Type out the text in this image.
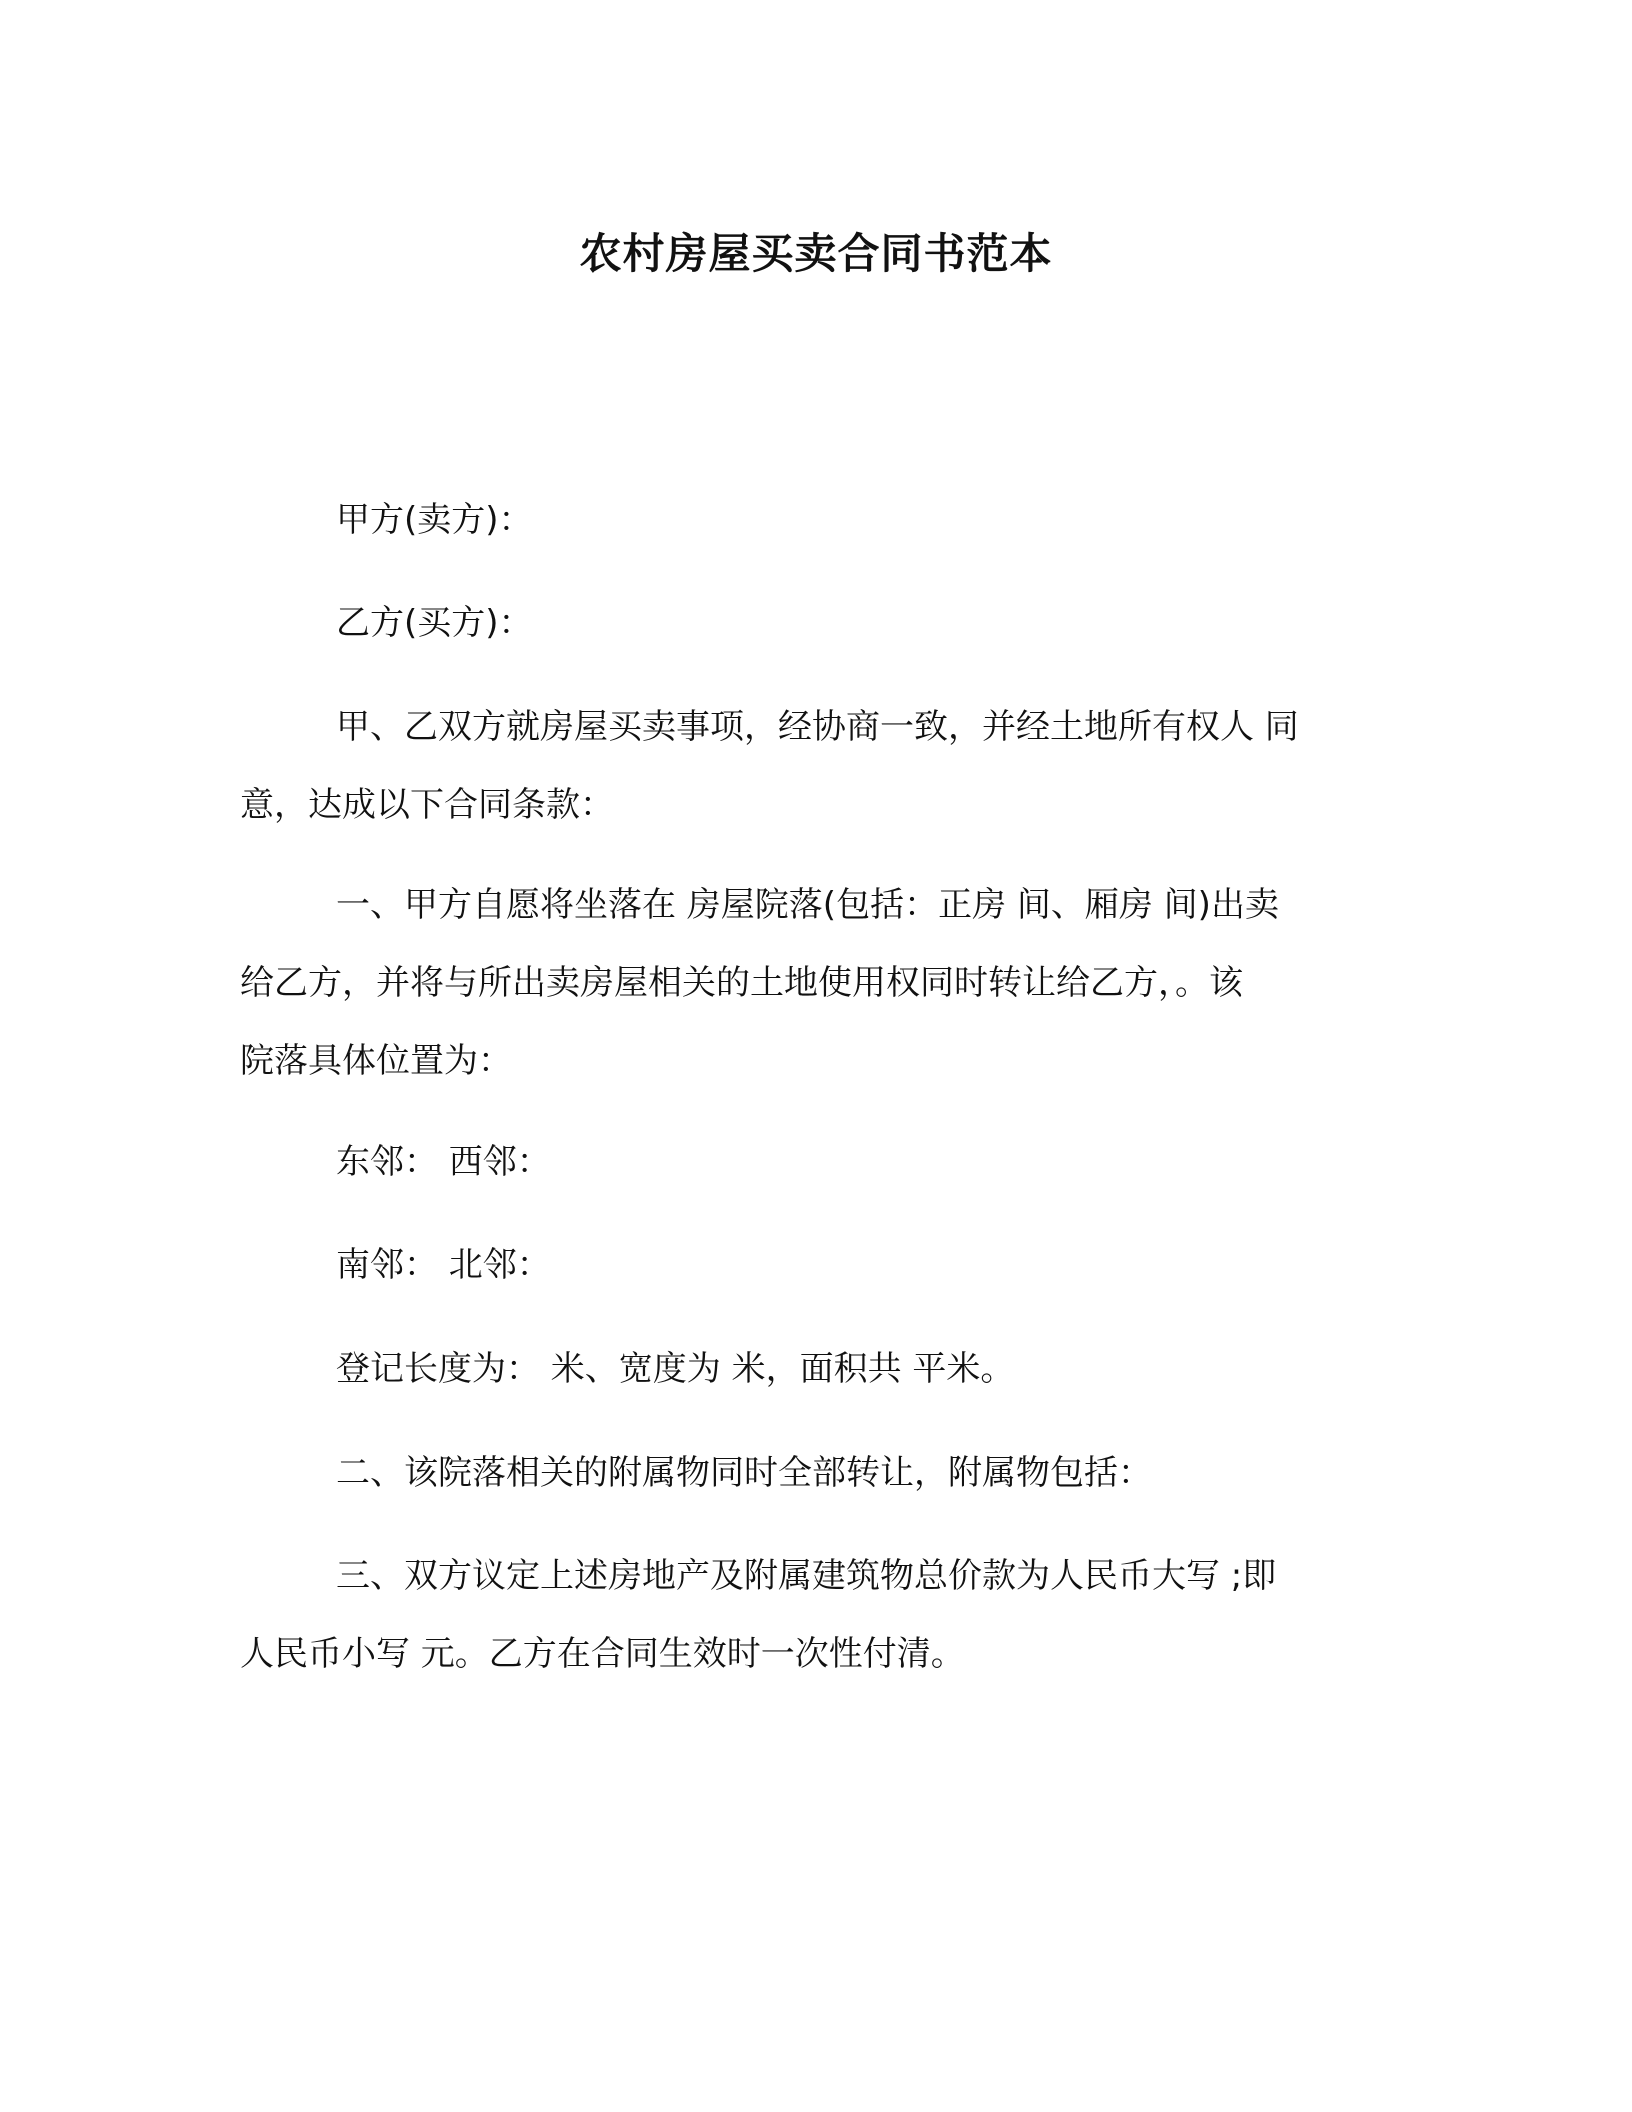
农村房屋买卖合同书范本
甲方(卖方)：
乙方(买方)：
甲、乙双方就房屋买卖事项，经协商一致，并经土地所有权人 同
意，达成以下合同条款：
一、甲方自愿将坐落在 房屋院落(包括：正房 间、厢房 间)出卖
给乙方，并将与所出卖房屋相关的土地使用权同时转让给乙方，。该
院落具体位置为：
东邻： 西邻：
南邻： 北邻：
登记长度为： 米、宽度为 米，面积共 平米。
二、该院落相关的附属物同时全部转让，附属物包括：
三、双方议定上述房地产及附属建筑物总价款为人民币大写 ;即
人民币小写 元。乙方在合同生效时一次性付清。
